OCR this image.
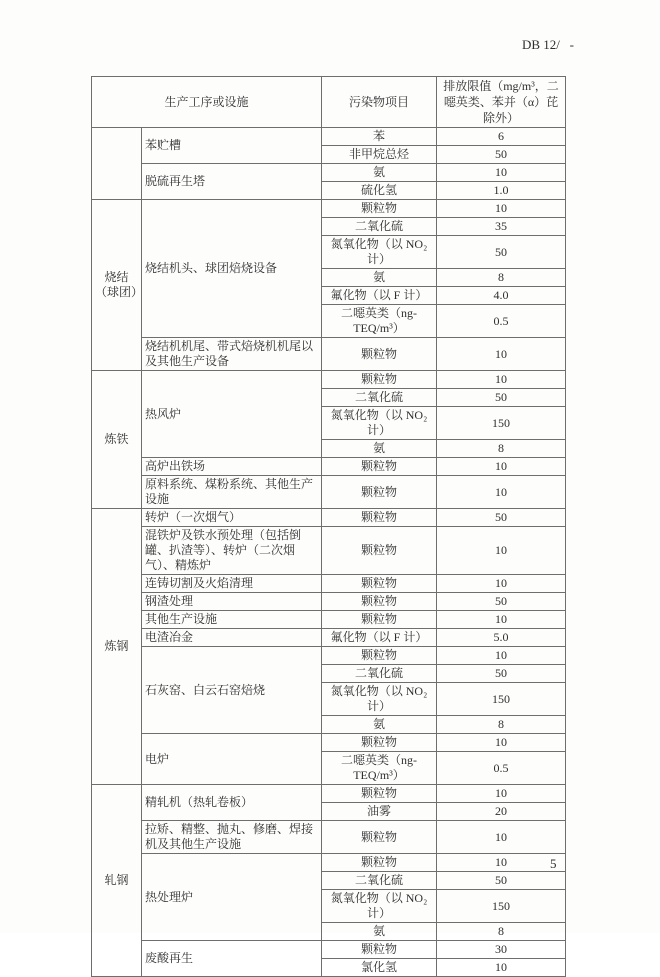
DB 12/   -
生产工序或设施		污染物项目	排放限值（mg/m³，二噁英类、苯并（α）芘除外）
	苯贮槽	苯	6
		非甲烷总烃	50
	脱硫再生塔	氨	10
		硫化氢	1.0
烧结（球团）	烧结机头、球团焙烧设备	颗粒物	10
		二氧化硫	35
		氮氧化物（以 NO₂ 计）	50
		氨	8
		氟化物（以 F 计）	4.0
		二噁英类（ng-TEQ/m³）	0.5
	烧结机机尾、带式焙烧机机尾以及其他生产设备	颗粒物	10
炼铁	热风炉	颗粒物	10
		二氧化硫	50
		氮氧化物（以 NO₂ 计）	150
		氨	8
	高炉出铁场	颗粒物	10
	原料系统、煤粉系统、其他生产设施	颗粒物	10
炼钢	转炉（一次烟气）	颗粒物	50
	混铁炉及铁水预处理（包括倒罐、扒渣等）、转炉（二次烟气）、精炼炉	颗粒物	10
	连铸切割及火焰清理	颗粒物	10
	钢渣处理	颗粒物	50
	其他生产设施	颗粒物	10
	电渣冶金	氟化物（以 F 计）	5.0
	石灰窑、白云石窑焙烧	颗粒物	10
		二氧化硫	50
		氮氧化物（以 NO₂ 计）	150
		氨	8
	电炉	颗粒物	10
		二噁英类（ng-TEQ/m³）	0.5
轧钢	精轧机（热轧卷板）	颗粒物	10
		油雾	20
	拉矫、精整、抛丸、修磨、焊接机及其他生产设施	颗粒物	10
	热处理炉	颗粒物	10
		二氧化硫	50
		氮氧化物（以 NO₂ 计）	150
		氨	8
	废酸再生	颗粒物	30
		氯化氢	10
5
